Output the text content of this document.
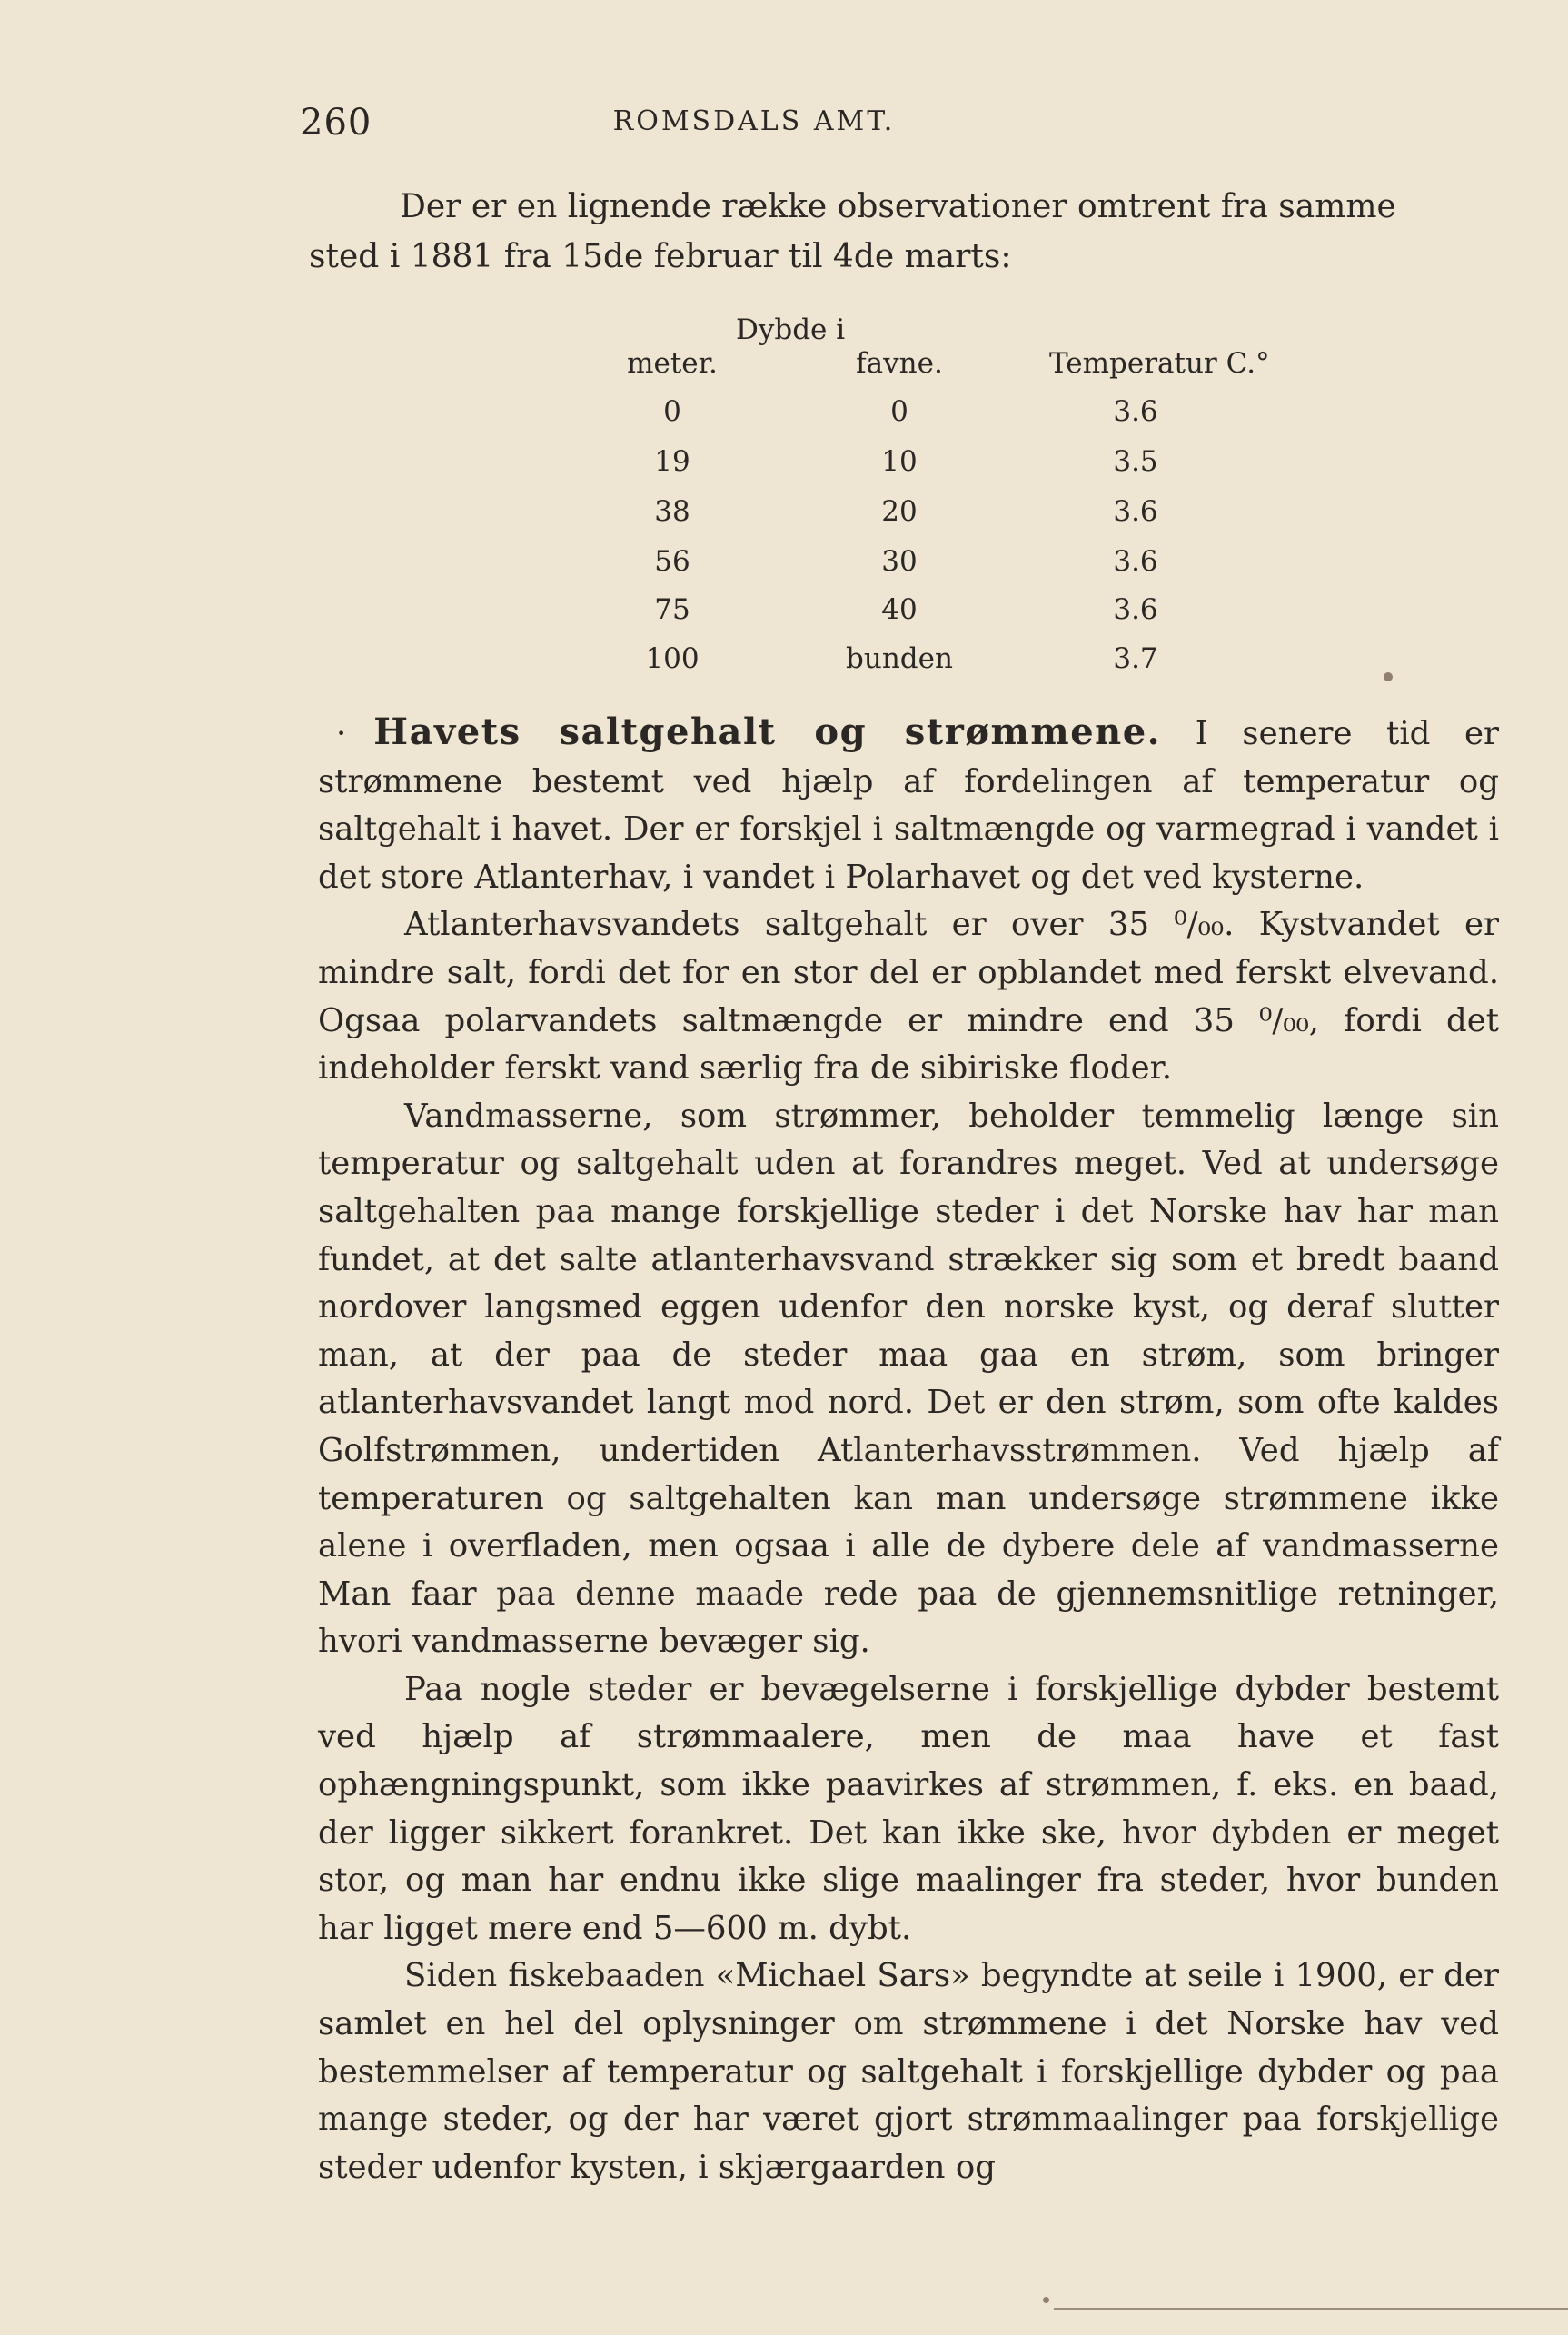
260	ROMSDALS AMT.
Der er en lignende række observationer omtrent fra samme
sted i 1881 fra 15de februar til 4de marts:
Dybde i
meter.	favne.	Temperatur C.°
0	0	3.6
19	10	3.5
38	20	3.6
56	30	3.6
75	40	3.6
100	bunden	3.7

· Havets saltgehalt og strømmene. I senere tid er strømmene bestemt ved hjælp af fordelingen af temperatur og saltgehalt i havet. Der er forskjel i saltmængde og varmegrad i vandet i det store Atlanterhav, i vandet i Polarhavet og det ved kysterne.

Atlanterhavsvandets saltgehalt er over 35 ⁰/₀₀. Kystvandet er mindre salt, fordi det for en stor del er opblandet med ferskt elvevand. Ogsaa polarvandets saltmængde er mindre end 35 ⁰/₀₀, fordi det indeholder ferskt vand særlig fra de sibiriske floder.

Vandmasserne, som strømmer, beholder temmelig længe sin temperatur og saltgehalt uden at forandres meget. Ved at undersøge saltgehalten paa mange forskjellige steder i det Norske hav har man fundet, at det salte atlanterhavsvand strækker sig som et bredt baand nordover langsmed eggen udenfor den norske kyst, og deraf slutter man, at der paa de steder maa gaa en strøm, som bringer atlanterhavsvandet langt mod nord. Det er den strøm, som ofte kaldes Golfstrømmen, undertiden Atlanterhavsstrømmen. Ved hjælp af temperaturen og saltgehalten kan man undersøge strømmene ikke alene i overfladen, men ogsaa i alle de dybere dele af vandmasserne Man faar paa denne maade rede paa de gjennemsnitlige retninger, hvori vandmasserne bevæger sig.

Paa nogle steder er bevægelserne i forskjellige dybder bestemt ved hjælp af strømmaalere, men de maa have et fast ophængningspunkt, som ikke paavirkes af strømmen, f. eks. en baad, der ligger sikkert forankret. Det kan ikke ske, hvor dybden er meget stor, og man har endnu ikke slige maalinger fra steder, hvor bunden har ligget mere end 5—600 m. dybt.

Siden fiskebaaden «Michael Sars» begyndte at seile i 1900, er der samlet en hel del oplysninger om strømmene i det Norske hav ved bestemmelser af temperatur og saltgehalt i forskjellige dybder og paa mange steder, og der har været gjort strømmaalinger paa forskjellige steder udenfor kysten, i skjærgaarden og
